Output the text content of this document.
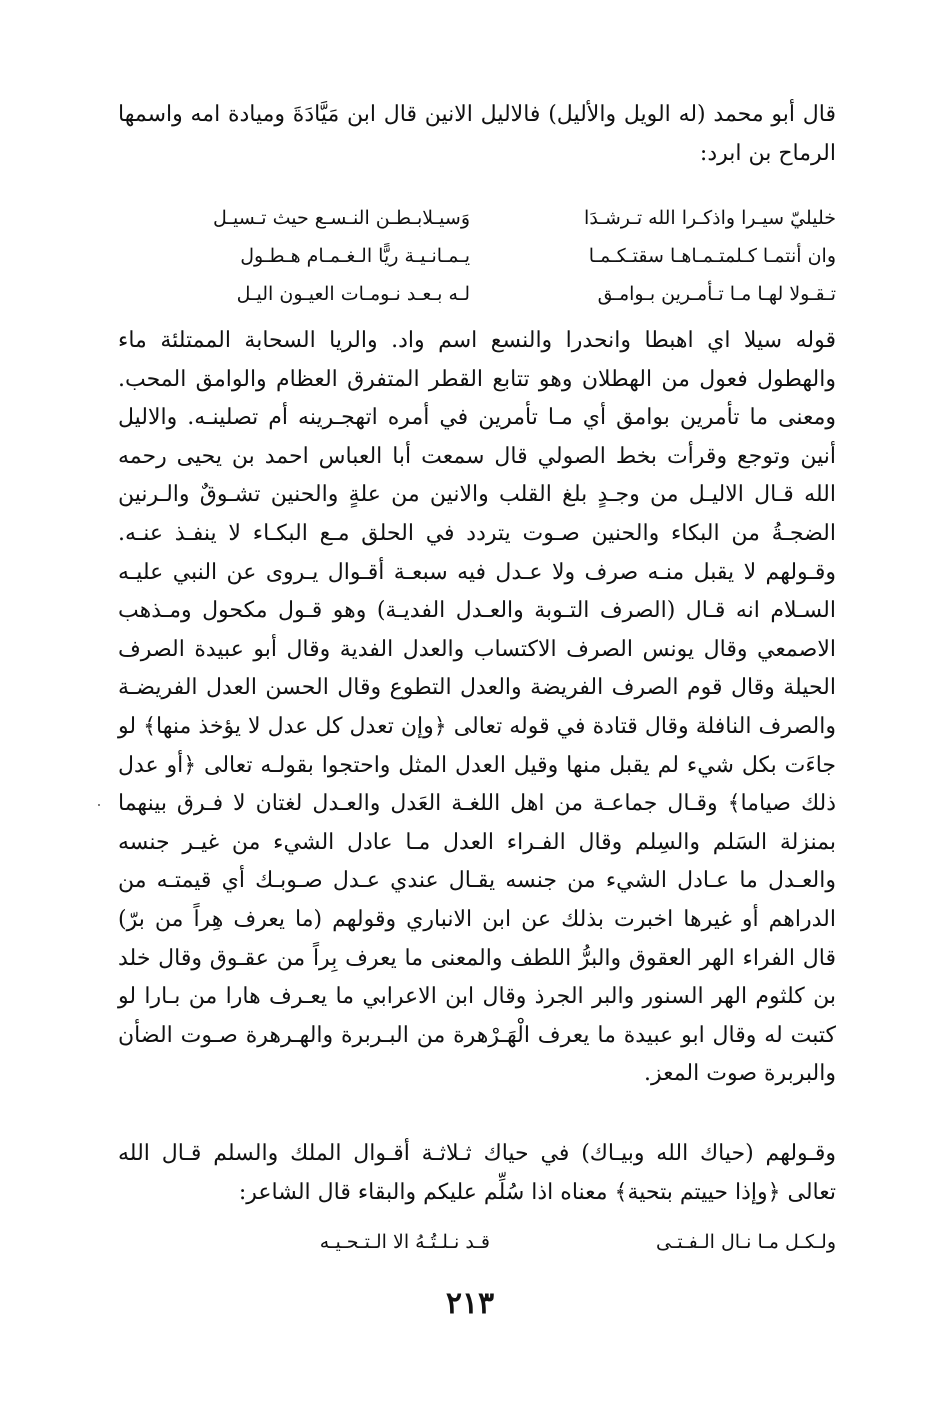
قال أبو محمد (له الويل والأليل) فالاليل الانين قال ابن مَيَّادَةَ وميادة امه واسمها الرماح بن ابرد:

خليليّ سيـرا واذكـرا الله تـرشـدَا
وَسيـلابـطـن النـسـع حيث تـسيـل
وان أنتمـا كـلمتـمـاهـا سقتـكـمـا
يـمـانـيـة ريًّا الـغـمـام هـطـول
تـقـولا لهـا مـا تـأمـرين بـوامـق
لـه بـعـد نـومـات العيـون اليـل

قوله سيلا اي اهبطا وانحدرا والنسع اسم واد. والريا السحابة الممتلئة ماء والهطول فعول من الهطلان وهو تتابع القطر المتفرق العظام والوامق المحب. ومعنى ما تأمرين بوامق أي مـا تأمرين في أمره اتهجـرينه أم تصلينـه. والاليل أنين وتوجع وقرأت بخط الصولي قال سمعت أبا العباس احمد بن يحيى رحمه الله قـال الاليـل من وجـدٍ بلغ القلب والانين من علةٍ والحنين تشـوقٌ والـرنين الضجـةُ من البكاء والحنين صـوت يتردد في الحلق مـع البكـاء لا ينفـذ عنـه. وقـولهم لا يقبل منـه صرف ولا عـدل فيه سبعـة أقـوال يـروى عن النبي عليـه السـلام انه قـال (الصرف التـوبة والعـدل الفديـة) وهو قـول مكحول ومـذهب الاصمعي وقال يونس الصرف الاكتساب والعدل الفدية وقال أبو عبيدة الصرف الحيلة وقال قوم الصرف الفريضة والعدل التطوع وقال الحسن العدل الفريضـة والصرف النافلة وقال قتادة في قوله تعالى ﴿وإن تعدل كل عدل لا يؤخذ منها﴾ لو جاءَت بكل شيء لم يقبل منها وقيل العدل المثل واحتجوا بقولـه تعالى ﴿أو عدل ذلك صياما﴾ وقـال جماعـة من اهل اللغـة العَدل والعـدل لغتان لا فـرق بينهما بمنزلة السَلم والسِلم وقال الفـراء العدل مـا عادل الشيء من غيـر جنسه والعـدل ما عـادل الشيء من جنسه يقـال عندي عـدل صـوبـك أي قيمتـه من الدراهم أو غيرها اخبرت بذلك عن ابن الانباري وقولهم (ما يعرف هِراً من برّ) قال الفراء الهر العقوق والبرُّ اللطف والمعنى ما يعرف بِراً من عقـوق وقال خلد بن كلثوم الهر السنور والبر الجرذ وقال ابن الاعرابي ما يعـرف هارا من بـارا لو كتبت له وقال ابو عبيدة ما يعرف الْهَـرْهرة من البـربرة والهـرهرة صـوت الضأن والبربرة صوت المعز.

وقـولهم (حياك الله وبيـاك) في حياك ثـلاثـة أقـوال الملك والسلم قـال الله تعالى ﴿وإذا حييتم بتحية﴾ معناه اذا سُلِّم عليكم والبقاء قال الشاعر:

ولـكـل مـا نـال الـفـتـى
قـد نـلـتُـهُ الا الـتـحـيـه
٢١٣
